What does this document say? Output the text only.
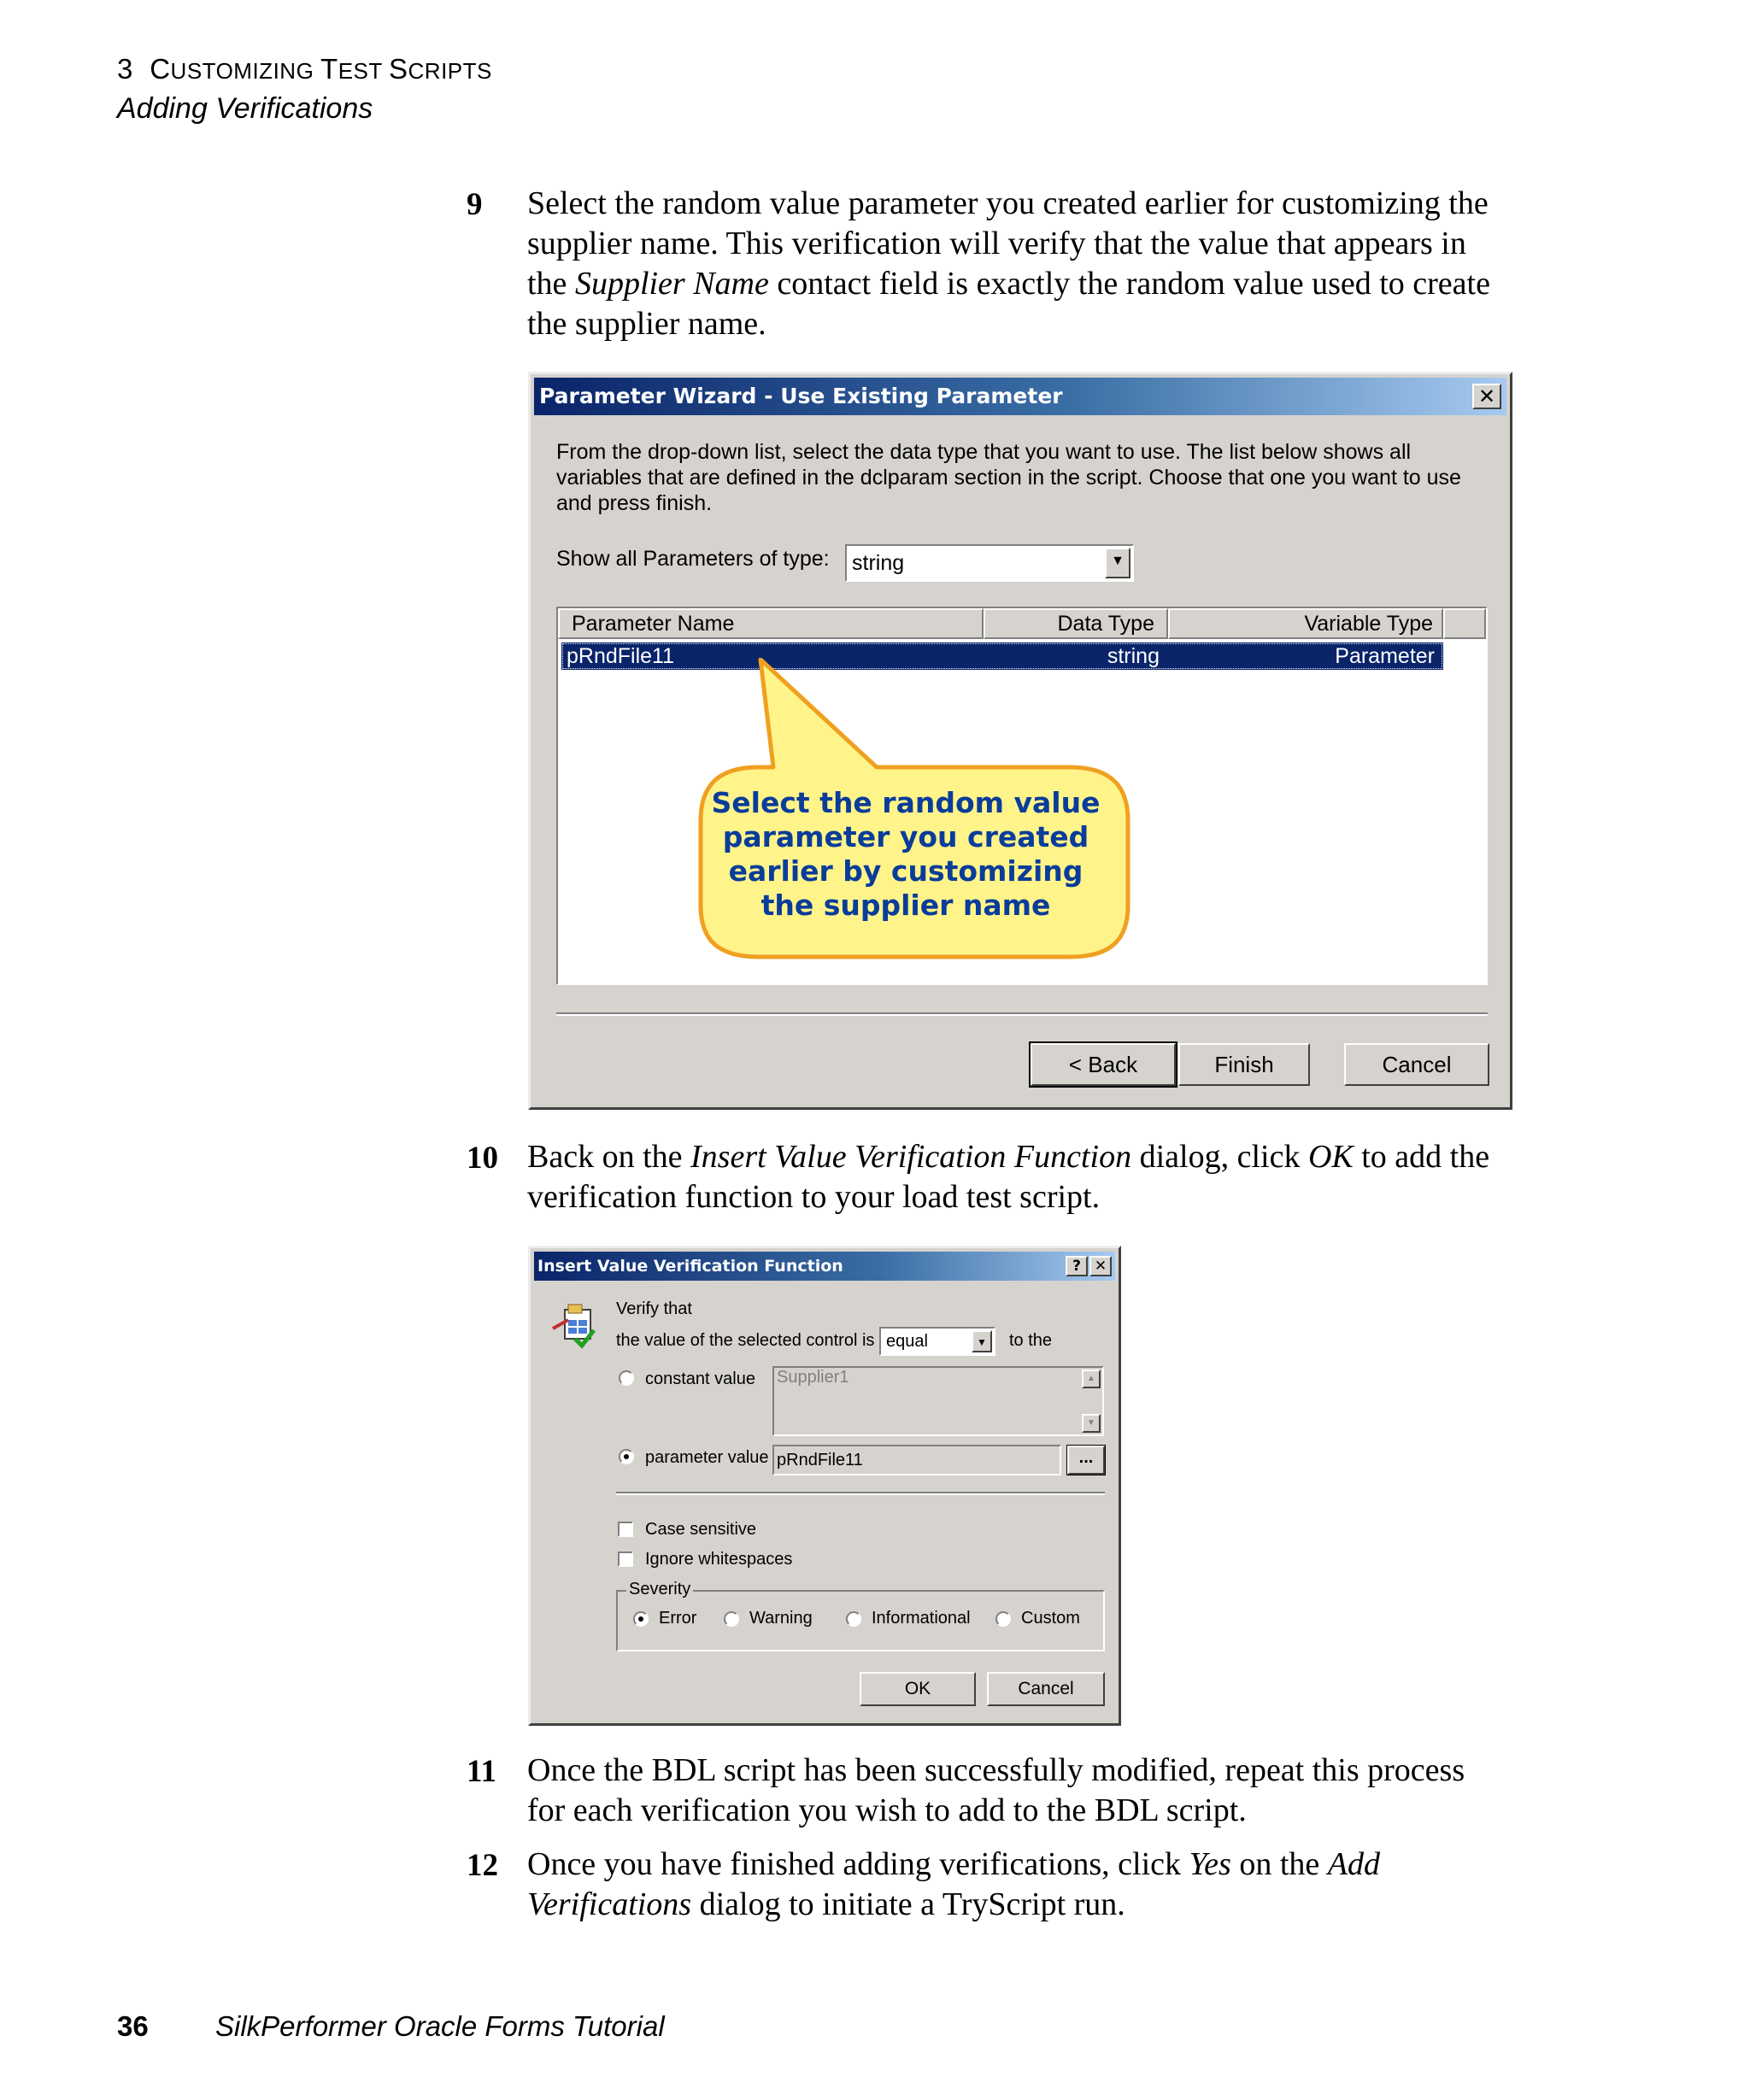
3 CUSTOMIZING TEST SCRIPTS
Adding Verifications
9 Select the random value parameter you created earlier for customizing the supplier name. This verification will verify that the value that appears in the Supplier Name contact field is exactly the random value used to create the supplier name.
Parameter Wizard - Use Existing Parameter	✕
From the drop-down list, select the data type that you want to use. The list below shows all variables that are defined in the dclparam section in the script. Choose that one you want to use and press finish.
Show all Parameters of type:	string	▼
Parameter Name	Data Type	Variable Type
pRndFile11	string	Parameter
< Back	Finish	Cancel
Select the random value parameter you created earlier by customizing the supplier name
10 Back on the Insert Value Verification Function dialog, click OK to add the verification function to your load test script.
Insert Value Verification Function	? ✕
Verify that
the value of the selected control is equal	▼	to the
constant value Supplier1	▲
▼
parameter value pRndFile11	...
Case sensitive
Ignore whitespaces
Severity
Error	Warning	Informational	Custom
OK	Cancel
11 Once the BDL script has been successfully modified, repeat this process for each verification you wish to add to the BDL script.
12 Once you have finished adding verifications, click Yes on the Add Verifications dialog to initiate a TryScript run.
36 SilkPerformer Oracle Forms Tutorial
